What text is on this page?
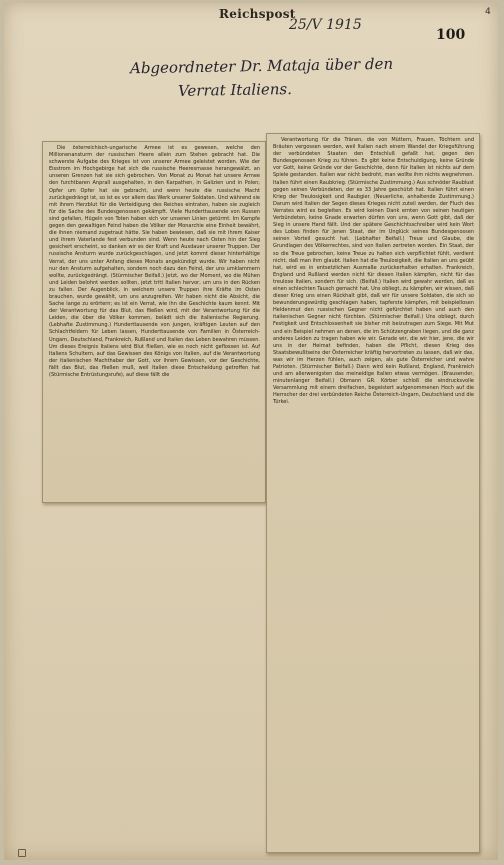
4
Reichspost
25/V 1915
100
Abgeordneter Dr. Mataja über den
Verrat Italiens.

Die österreichisch-ungarische Armee ist es gewesen, welche den Millionenansturm der russischen Heere allein zum Stehen gebracht hat. Die schwerste Aufgabe des Krieges ist von unserer Armee geleistet worden. Wie der Eisstrom im Hochgebirge hat sich die russische Heeresmasse herangewälzt, an unseren Grenzen hat sie sich gebrochen. Von Monat zu Monat hat unsere Armee den furchtbaren Anprall ausgehalten, in den Karpathen, in Galizien und in Polen; Opfer um Opfer hat sie gebracht, und wenn heute die russische Macht zurückgedrängt ist, so ist es vor allem das Werk unserer Soldaten. Und während sie mit ihrem Herzblut für die Verteidigung des Reiches eintraten, haben sie zugleich für die Sache des Bundesgenossen gekämpft. Viele Hunderttausende von Russen sind gefallen, Hügeln von Toten haben sich vor unseren Linien getürmt. Im Kampfe gegen den gewaltigen Feind haben die Völker der Monarchie eine Einheit bewährt, die ihnen niemand zugetraut hätte. Sie haben bewiesen, daß sie mit ihrem Kaiser und ihrem Vaterlande fest verbunden sind. Wenn heute nach Osten hin der Sieg gesichert erscheint, so danken wir es der Kraft und Ausdauer unserer Truppen. Der russische Ansturm wurde zurückgeschlagen, und jetzt kommt dieser hinterhältige Verrat, der uns unter Anfang dieses Monats angekündigt wurde. Wir haben nicht nur den Ansturm aufgehalten, sondern noch dazu den Feind, der uns umklammern wollte, zurückgedrängt. (Stürmischer Beifall.) Jetzt, wo der Moment, wo die Mühen und Leiden belohnt werden sollten, jetzt tritt Italien hervor, um uns in den Rücken zu fallen. Der Augenblick, in welchem unsere Truppen ihre Kräfte im Osten brauchen, wurde gewählt, um uns anzugreifen. Wir haben nicht die Absicht, die Sache lange zu erörtern; es ist ein Verrat, wie ihn die Geschichte kaum kennt. Mit der Verantwortung für das Blut, das fließen wird, mit der Verantwortung für die Leiden, die über die Völker kommen, belädt sich die italienische Regierung. (Lebhafte Zustimmung.) Hunderttausende von jungen, kräftigen Leuten auf den Schlachtfeldern für Leben lassen, Hunderttausende von Familien in Österreich-Ungarn, Deutschland, Frankreich, Rußland und Italien das Leben bewahren müssen. Um dieses Ereignis Italiens wird Blut fließen, wie es noch nicht geflossen ist. Auf Italiens Schultern, auf das Gewissen des Königs von Italien, auf die Verantwortung der italienischen Machthaber der Gott, vor ihrem Gewissen, vor der Geschichte, fällt das Blut, das fließen muß, weil Italien diese Entscheidung getroffen hat (Stürmische Entrüstungsrufe), auf diese fällt die

Verantwortung für die Tränen, die von Müttern, Frauen, Töchtern und Bräuten vergossen werden, weil Italien nach einem Wandel der Kriegsführung der verbündeten Staaten den Entschluß gefaßt hat, gegen den Bundesgenossen Krieg zu führen. Es gibt keine Entschuldigung, keine Gründe vor Gott, keine Gründe vor der Geschichte, denn für Italien ist nichts auf dem Spiele gestanden. Italien war nicht bedroht, man wollte ihm nichts wegnehmen. Italien führt einen Raubkrieg. (Stürmische Zustimmung.) Aus schnöder Raublust gegen seinen Verbündeten, der es 33 Jahre geschützt hat. Italien führt einen Krieg der Treulosigkeit und Raubgier. (Neuerliche, anhaltende Zustimmung.) Darum wird Italien der Segen dieses Krieges nicht zuteil werden, der Fluch des Verrates wird es begleiten. Es wird keinen Dank ernten von seinen heutigen Verbündeten, keine Gnade erwarten dürfen von uns, wenn Gott gibt, daß der Sieg in unsere Hand fällt. Und der spätere Geschichtsschreiber wird kein Wort des Lobes finden für jenen Staat, der im Unglück seines Bundesgenossen seinen Vorteil gesucht hat. (Lebhafter Beifall.) Treue und Glaube, die Grundlagen des Völkerrechtes, sind von Italien zertreten worden. Ein Staat, der so die Treue gebrochen, keine Treue zu halten sich verpflichtet fühlt, verdient nicht, daß man ihm glaubt. Italien hat die Treulosigkeit, die Italien an uns geübt hat, wird es in entsetzlichen Ausmaße zurückerhalten erhalten. Frankreich, England und Rußland werden nicht für diesen Italien kämpfen, nicht für das treulose Italien, sondern für sich. (Beifall.) Italien wird gewahr werden, daß es einen schlechten Tausch gemacht hat. Uns obliegt, zu kämpfen, wir wissen, daß dieser Krieg uns einen Rückhalt gibt, daß wir für unsere Soldaten, die sich so bewunderungswürdig geschlagen haben, tapferste kämpfen, mit beispiellosen Heldenmut den russischen Gegner nicht gefürchtet haben und auch den italienischen Gegner nicht fürchten. (Stürmischer Beifall.) Uns obliegt, durch Festigkeit und Entschlossenheit sie bisher mit beizutragen zum Siege. Mit Mut und ein Beispiel nehmen an denen, die im Schützengraben liegen, und die ganz anderes Leiden zu tragen haben wie wir. Gerade wir, die wir hier, jene, die wir uns in der Heimat befinden, haben die Pflicht, diesen Krieg des Staatsbewußtseins der Österreicher kräftig hervortreten zu lassen, daß wir das, was wir im Herzen fühlen, auch zeigen, als gute Österreicher und wahre Patrioten. (Stürmischer Beifall.) Dann wird kein Rußland, England, Frankreich und am allerwenigsten das meineidige Italien etwas vermögen. (Brausender, minutenlanger Beifall.) Obmann GR. Körber schloß die eindrucksvolle Versammlung mit einem dreifachen, begeistert aufgenommenen Hoch auf die Herrscher der drei verbündeten Reiche Österreich-Ungarn, Deutschland und die Türkei.
